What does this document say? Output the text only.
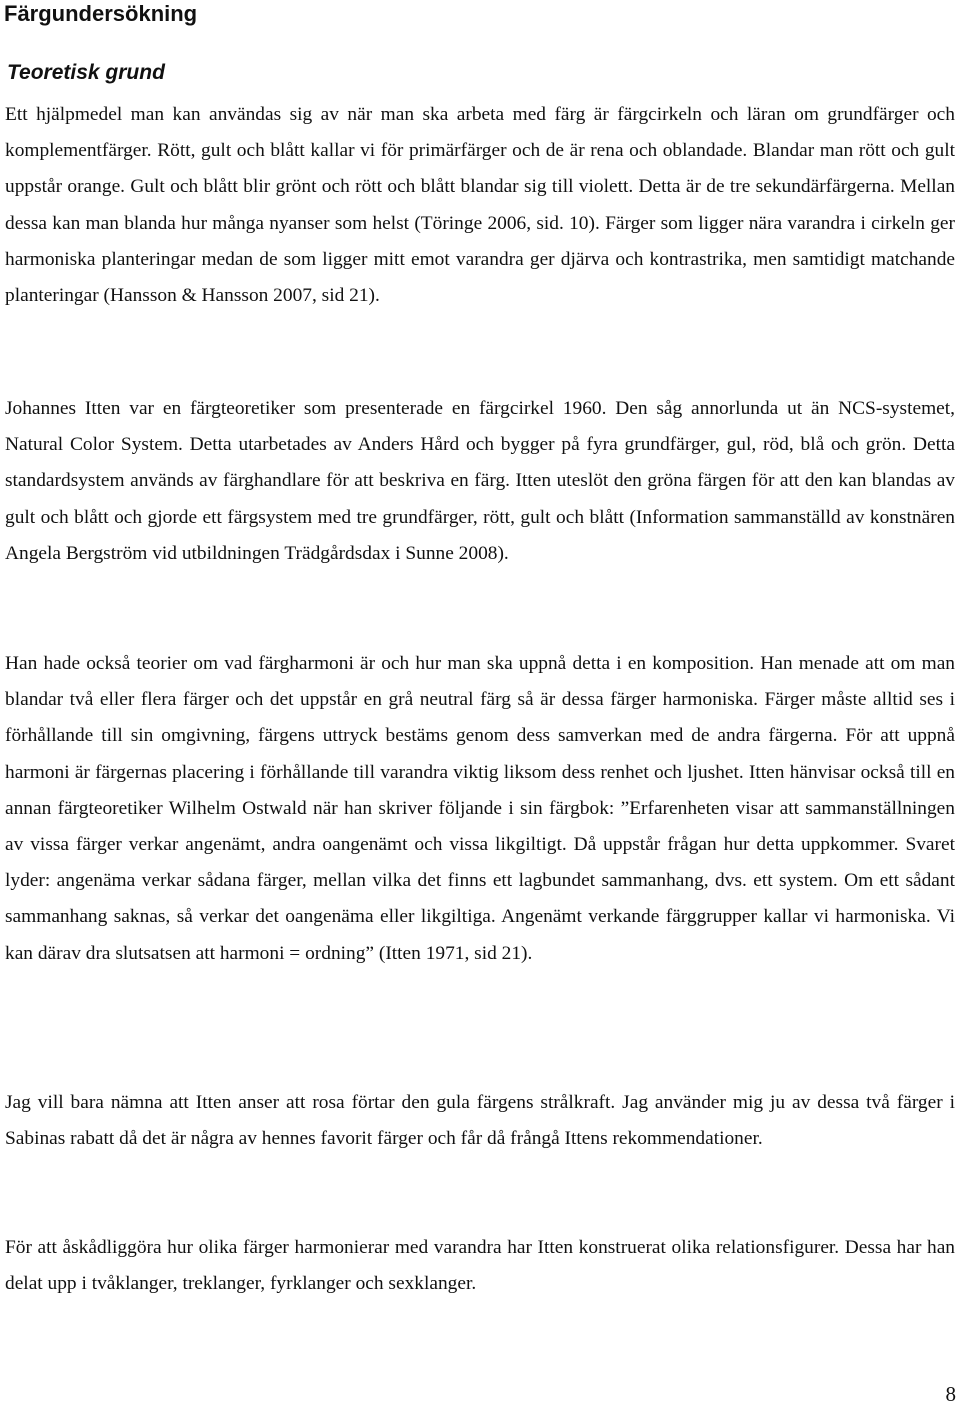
Färgundersökning
Teoretisk grund

Ett hjälpmedel man kan användas sig av när man ska arbeta med färg är färgcirkeln och läran om grundfärger och komplementfärger. Rött, gult och blått kallar vi för primärfärger och de är rena och oblandade. Blandar man rött och gult uppstår orange. Gult och blått blir grönt och rött och blått blandar sig till violett. Detta är de tre sekundärfärgerna. Mellan dessa kan man blanda hur många nyanser som helst (Töringe 2006, sid. 10). Färger som ligger nära varandra i cirkeln ger harmoniska planteringar medan de som ligger mitt emot varandra ger djärva och kontrastrika, men samtidigt matchande planteringar (Hansson & Hansson 2007, sid 21).

Johannes Itten var en färgteoretiker som presenterade en färgcirkel 1960. Den såg annorlunda ut än NCS-systemet, Natural Color System. Detta utarbetades av Anders Hård och bygger på fyra grundfärger, gul, röd, blå och grön. Detta standardsystem används av färghandlare för att beskriva en färg. Itten uteslöt den gröna färgen för att den kan blandas av gult och blått och gjorde ett färgsystem med tre grundfärger, rött, gult och blått (Information sammanställd av konstnären Angela Bergström vid utbildningen Trädgårdsdax i Sunne 2008).

Han hade också teorier om vad färgharmoni är och hur man ska uppnå detta i en komposition. Han menade att om man blandar två eller flera färger och det uppstår en grå neutral färg så är dessa färger harmoniska. Färger måste alltid ses i förhållande till sin omgivning, färgens uttryck bestäms genom dess samverkan med de andra färgerna. För att uppnå harmoni är färgernas placering i förhållande till varandra viktig liksom dess renhet och ljushet. Itten hänvisar också till en annan färgteoretiker Wilhelm Ostwald när han skriver följande i sin färgbok: ”Erfarenheten visar att sammanställningen av vissa färger verkar angenämt, andra oangenämt och vissa likgiltigt. Då uppstår frågan hur detta uppkommer. Svaret lyder: angenäma verkar sådana färger, mellan vilka det finns ett lagbundet sammanhang, dvs. ett system. Om ett sådant sammanhang saknas, så verkar det oangenäma eller likgiltiga. Angenämt verkande färggrupper kallar vi harmoniska. Vi kan därav dra slutsatsen att harmoni = ordning” (Itten 1971, sid 21).

Jag vill bara nämna att Itten anser att rosa förtar den gula färgens strålkraft. Jag använder mig ju av dessa två färger i Sabinas rabatt då det är några av hennes favorit färger och får då frångå Ittens rekommendationer.

För att åskådliggöra hur olika färger harmonierar med varandra har Itten konstruerat olika relationsfigurer. Dessa har han delat upp i tvåklanger, treklanger, fyrklanger och sexklanger.

8
